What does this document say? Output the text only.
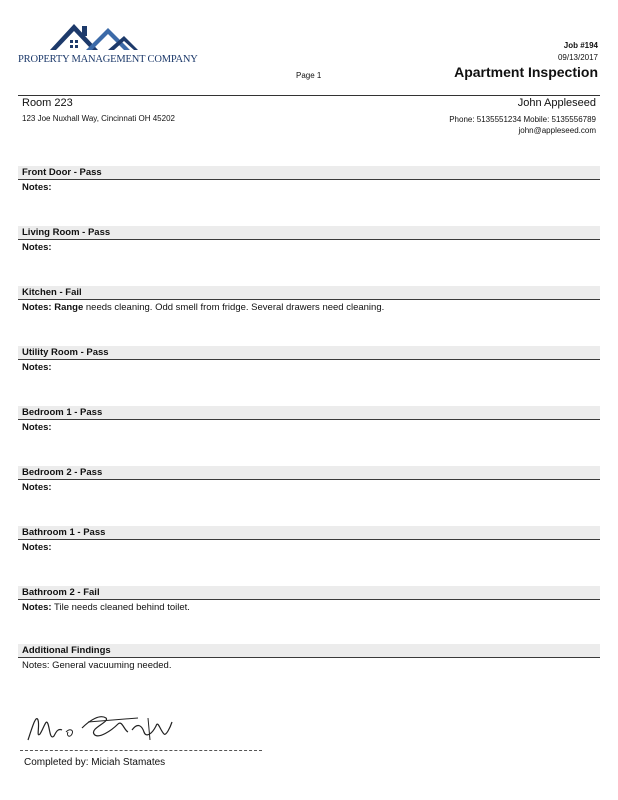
PROPERTY MANAGEMENT COMPANY
Page 1
Job #194
09/13/2017
Apartment Inspection
Room 223
123 Joe Nuxhall Way, Cincinnati OH 45202
John Appleseed
Phone: 5135551234 Mobile: 5135556789
john@appleseed.com
Front Door - Pass
Notes:
Living Room - Pass
Notes:
Kitchen - Fail
Notes: Range needs cleaning. Odd smell from fridge. Several drawers need cleaning.
Utility Room - Pass
Notes:
Bedroom 1 - Pass
Notes:
Bedroom 2 - Pass
Notes:
Bathroom 1 - Pass
Notes:
Bathroom 2 - Fail
Notes: Tile needs cleaned behind toilet.
Additional Findings
Notes: General vacuuming needed.
Completed by: Miciah Stamates
